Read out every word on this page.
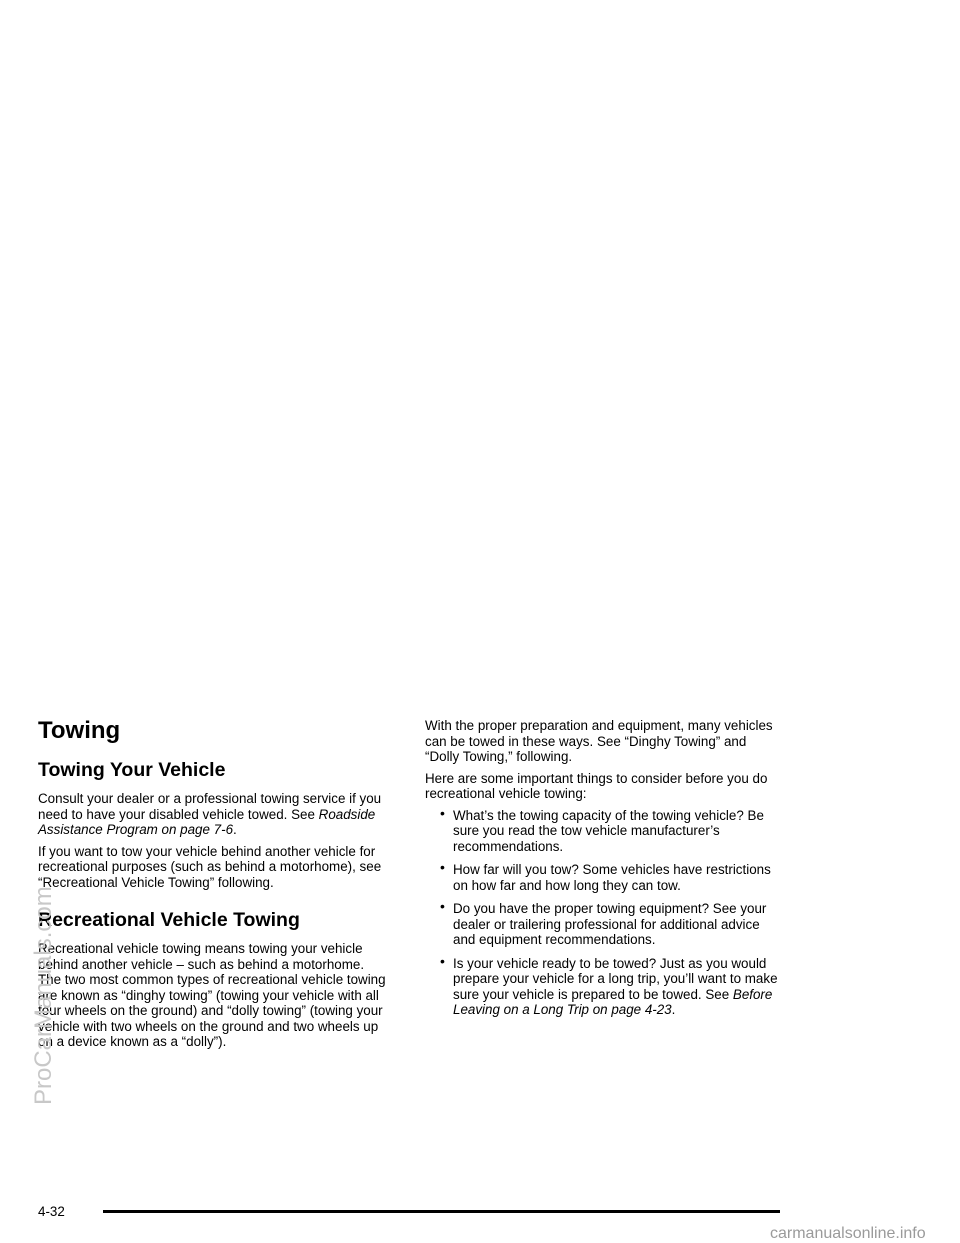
Towing
Towing Your Vehicle

Consult your dealer or a professional towing service if you need to have your disabled vehicle towed. See Roadside Assistance Program on page 7-6.

If you want to tow your vehicle behind another vehicle for recreational purposes (such as behind a motorhome), see “Recreational Vehicle Towing” following.

Recreational Vehicle Towing

Recreational vehicle towing means towing your vehicle behind another vehicle – such as behind a motorhome. The two most common types of recreational vehicle towing are known as “dinghy towing” (towing your vehicle with all four wheels on the ground) and “dolly towing” (towing your vehicle with two wheels on the ground and two wheels up on a device known as a “dolly”).

With the proper preparation and equipment, many vehicles can be towed in these ways. See “Dinghy Towing” and “Dolly Towing,” following.

Here are some important things to consider before you do recreational vehicle towing:

• What’s the towing capacity of the towing vehicle? Be sure you read the tow vehicle manufacturer’s recommendations.
• How far will you tow? Some vehicles have restrictions on how far and how long they can tow.
• Do you have the proper towing equipment? See your dealer or trailering professional for additional advice and equipment recommendations.
• Is your vehicle ready to be towed? Just as you would prepare your vehicle for a long trip, you’ll want to make sure your vehicle is prepared to be towed. See Before Leaving on a Long Trip on page 4-23.
ProCarManuals.com
4-32
carmanualsonline.info
